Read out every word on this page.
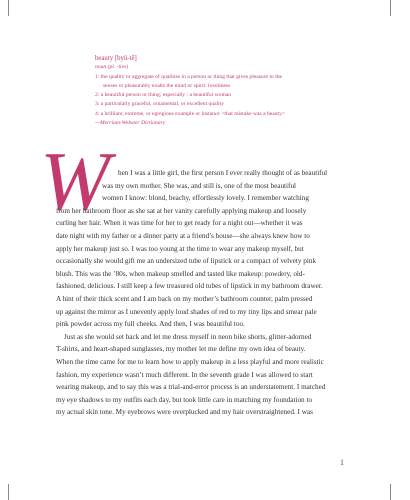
beauty [byü-tē]
noun (pl. -ties)
1: the quality or aggregate of qualities in a person or thing that gives pleasure to the
senses or pleasurably exalts the mind or spirit: loveliness
2: a beautiful person or thing; especially : a beautiful woman
3: a particularly graceful, ornamental, or excellent quality
4: a brilliant, extreme, or egregious example or instance <that mistake was a beauty>
—Merriam-Webster Dictionary
W	hen I was a little girl, the first person I ever really thought of as beautiful
was my own mother. She was, and still is, one of the most beautiful
women I know: blond, beachy, effortlessly lovely. I remember watching
from her bathroom floor as she sat at her vanity carefully applying makeup and loosely
curling her hair. When it was time for her to get ready for a night out—whether it was
date night with my father or a dinner party at a friend’s house—she always knew how to
apply her makeup just so. I was too young at the time to wear any makeup myself, but
occasionally she would gift me an undersized tube of lipstick or a compact of velvety pink
blush. This was the ’80s, when makeup smelled and tasted like makeup: powdery, old-
fashioned, delicious. I still keep a few treasured old tubes of lipstick in my bathroom drawer.
A hint of their thick scent and I am back on my mother’s bathroom counter, palm pressed
up against the mirror as I unevenly apply loud shades of red to my tiny lips and smear pale
pink powder across my full cheeks. And then, I was beautiful too.
Just as she would set back and let me dress myself in neon bike shorts, glitter-adorned
T-shirts, and heart-shaped sunglasses, my mother let me define my own idea of beauty.
When the time came for me to learn how to apply makeup in a less playful and more realistic
fashion, my experience wasn’t much different. In the seventh grade I was allowed to start
wearing makeup, and to say this was a trial-and-error process is an understatement. I matched
my eye shadows to my outfits each day, but took little care in matching my foundation to
my actual skin tone. My eyebrows were overplucked and my hair overstraightened. I was
1
